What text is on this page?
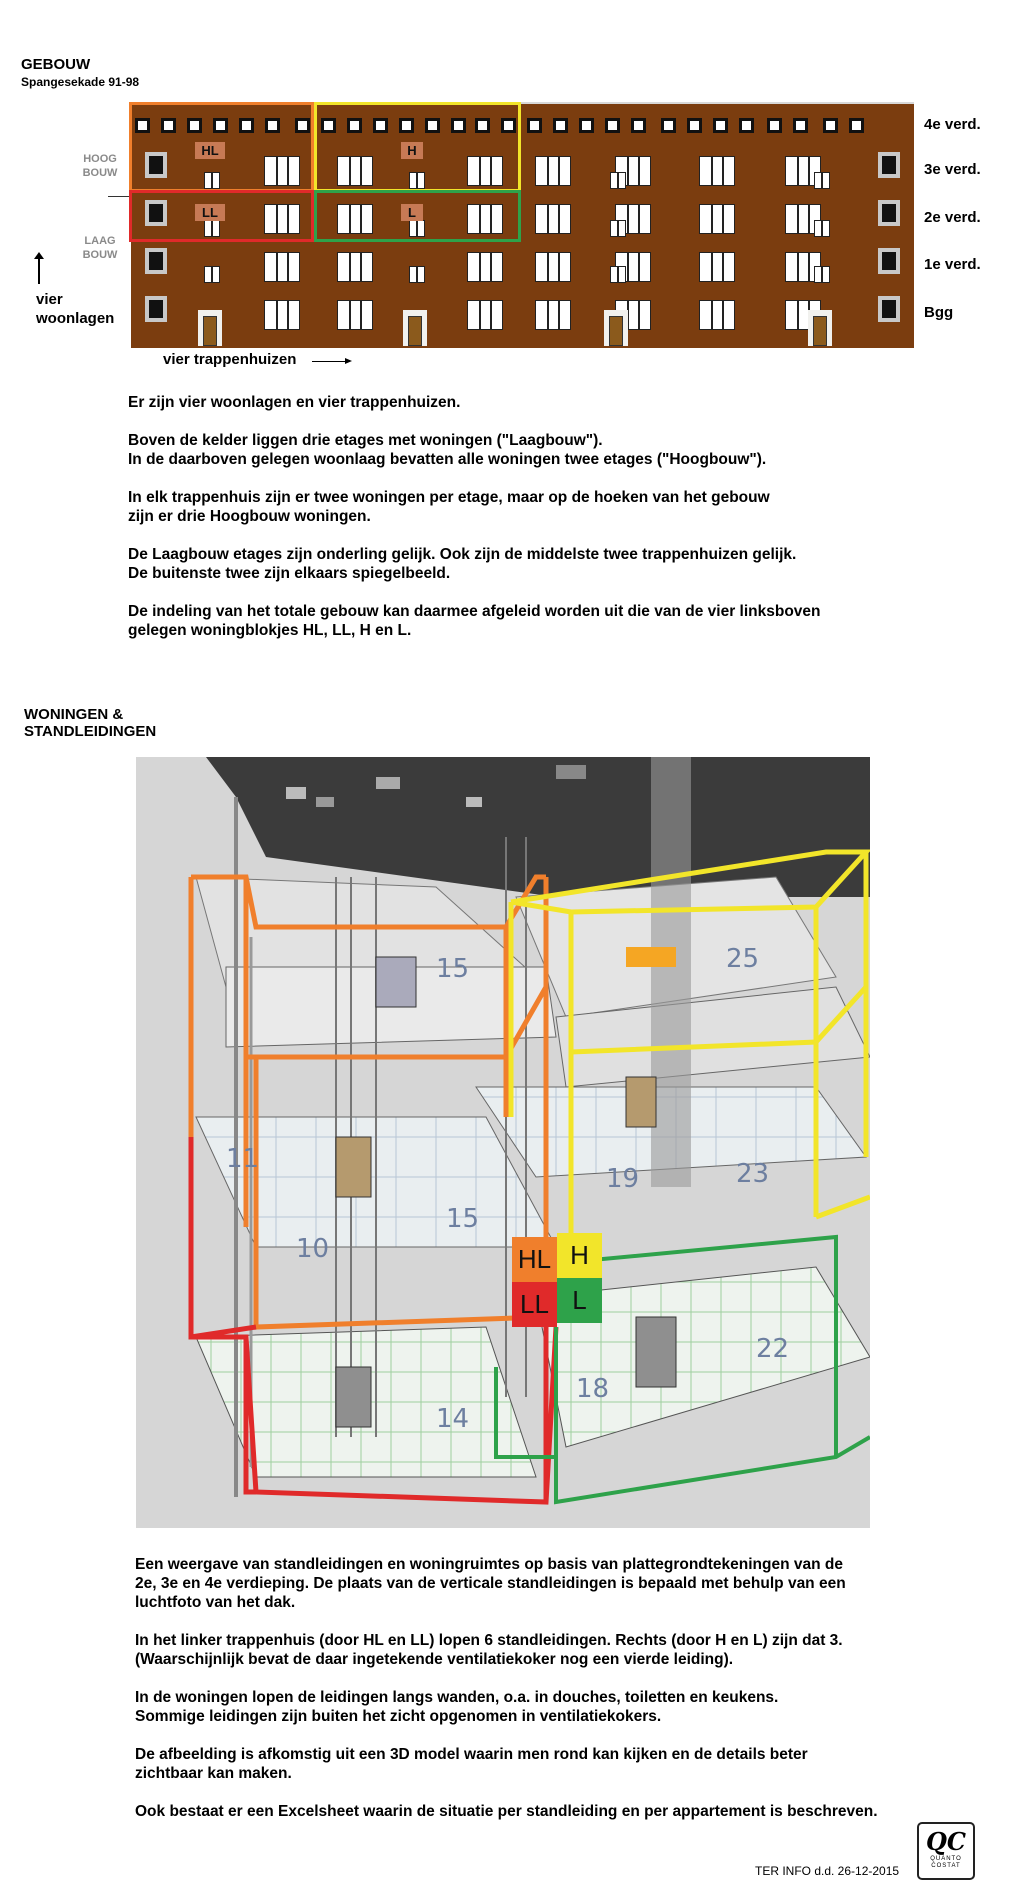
GEBOUW
Spangesekade 91-98
HOOG
BOUW
LAAG
BOUW
vier
woonlagen
HL	H
LL	L
4e verd.
3e verd.
2e verd.
1e verd.
Bgg
vier trappenhuizen
Er zijn vier woonlagen en vier trappenhuizen.
Boven de kelder liggen drie etages met woningen ("Laagbouw").
In de daarboven gelegen woonlaag bevatten alle woningen twee etages ("Hoogbouw").
In elk trappenhuis zijn er twee woningen per etage, maar op de hoeken van het gebouw
zijn er drie Hoogbouw woningen.
De Laagbouw etages zijn onderling gelijk. Ook zijn de middelste twee trappenhuizen gelijk.
De buitenste twee zijn elkaars spiegelbeeld.
De indeling van het totale gebouw kan daarmee afgeleid worden uit die van de vier linksboven
gelegen woningblokjes HL, LL, H en L.
WONINGEN &
STANDLEIDINGEN
15	25
11
15
10
19	23
14
18
22
HL H
LL L
Een weergave van standleidingen en woningruimtes op basis van plattegrondtekeningen van de
2e, 3e en 4e verdieping. De plaats van de verticale standleidingen is bepaald met behulp van een
luchtfoto van het dak.
In het linker trappenhuis (door HL en LL) lopen 6 standleidingen. Rechts (door H en L) zijn dat 3.
(Waarschijnlijk bevat de daar ingetekende ventilatiekoker nog een vierde leiding).
In de woningen lopen de leidingen langs wanden, o.a. in douches, toiletten en keukens.
Sommige leidingen zijn buiten het zicht opgenomen in ventilatiekokers.
De afbeelding is afkomstig uit een 3D model waarin men rond kan kijken en de details beter
zichtbaar kan maken.
Ook bestaat er een Excelsheet waarin de situatie per standleiding en per appartement is beschreven.
TER INFO d.d. 26-12-2015
QC
QUANTO
COSTAT
